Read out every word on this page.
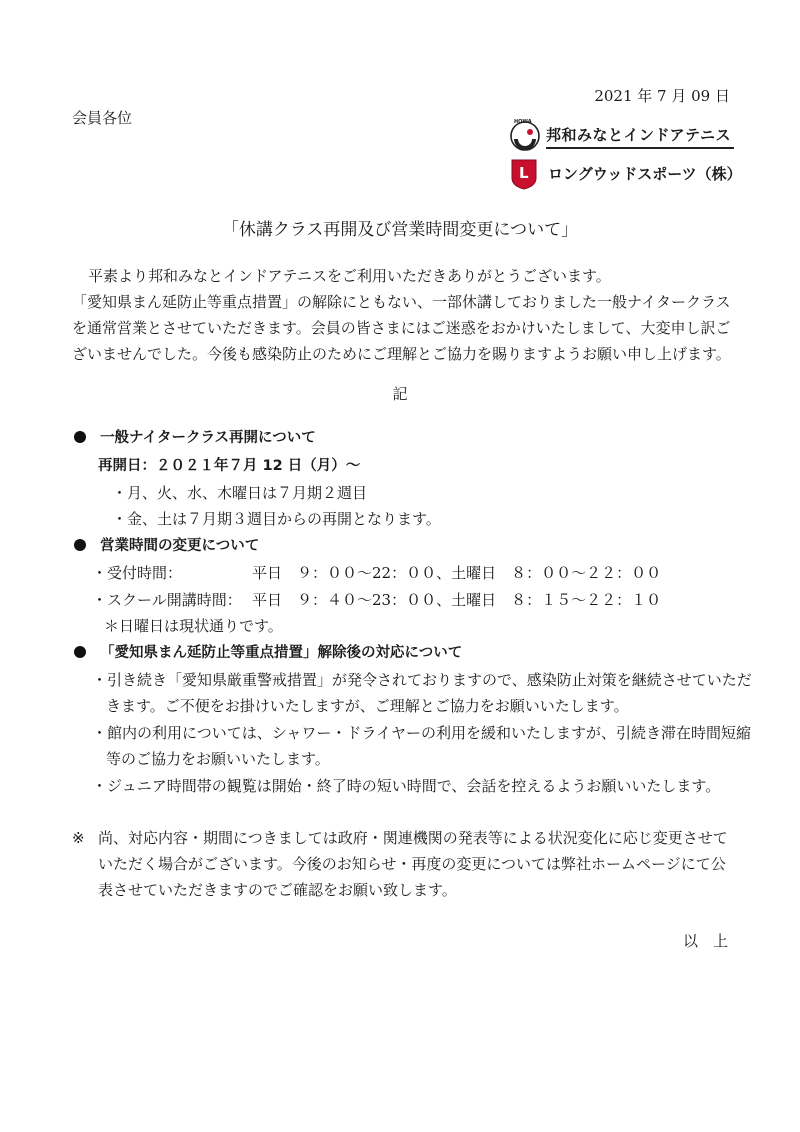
2021 年 7 月 09 日
会員各位	HOWA
邦和みなとインドアテニス
L ロングウッドスポーツ（株）
「休講クラス再開及び営業時間変更について」
平素より邦和みなとインドアテニスをご利用いただきありがとうございます。
「愛知県まん延防止等重点措置」の解除にともない、一部休講しておりました一般ナイタークラス
を通常営業とさせていただきます。会員の皆さまにはご迷惑をおかけいたしまして、大変申し訳ご
ざいませんでした。今後も感染防止のためにご理解とご協力を賜りますようお願い申し上げます。
記
一般ナイタークラス再開について
再開日：２０２１年７月 12 日（月）～
・月、火、水、木曜日は７月期２週目
・金、土は７月期３週目からの再開となります。
営業時間の変更について
・受付時間：	平日　９：００～22：００、土曜日　８：００～２２：００
・スクール開講時間： 平日　９：４０～23：００、土曜日　８：１５～２２：１０
＊日曜日は現状通りです。
「愛知県まん延防止等重点措置」解除後の対応について
・引き続き「愛知県厳重警戒措置」が発令されておりますので、感染防止対策を継続させていただ
きます。ご不便をお掛けいたしますが、ご理解とご協力をお願いいたします。
・館内の利用については、シャワー・ドライヤーの利用を緩和いたしますが、引続き滞在時間短縮
等のご協力をお願いいたします。
・ジュニア時間帯の観覧は開始・終了時の短い時間で、会話を控えるようお願いいたします。
※ 尚、対応内容・期間につきましては政府・関連機関の発表等による状況変化に応じ変更させて
いただく場合がございます。今後のお知らせ・再度の変更については弊社ホームページにて公
表させていただきますのでご確認をお願い致します。
以　上
